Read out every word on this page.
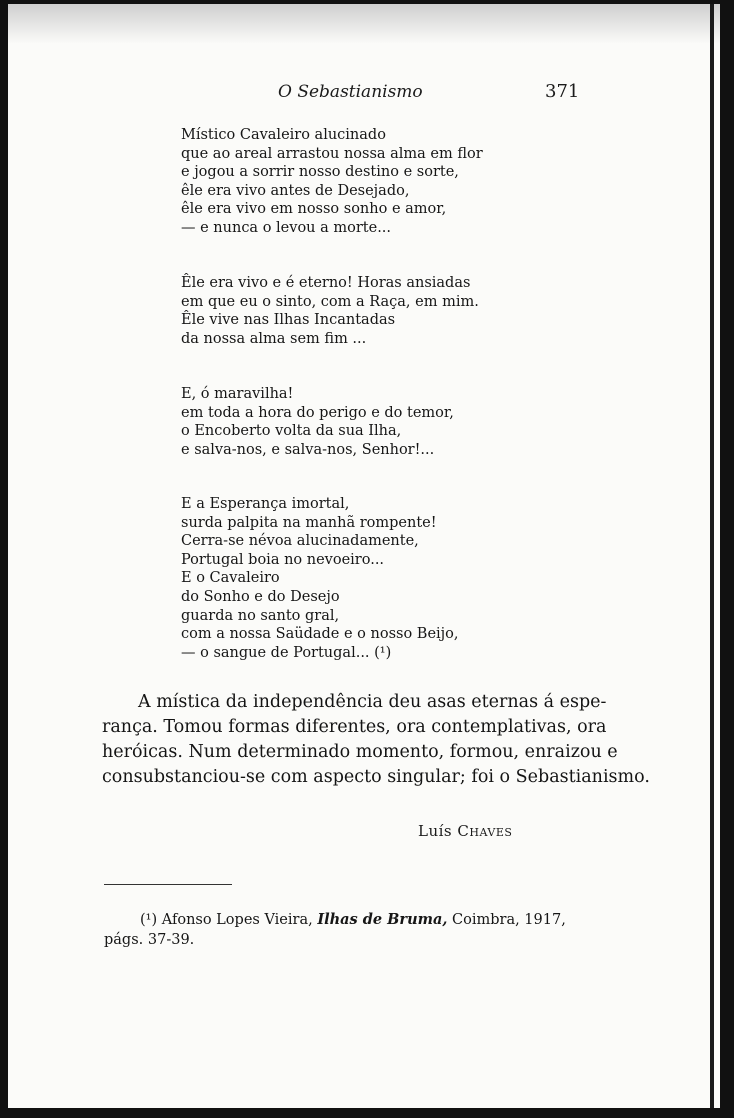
O Sebastianismo	371
Místico Cavaleiro alucinado
que ao areal arrastou nossa alma em flor
e jogou a sorrir nosso destino e sorte,
êle era vivo antes de Desejado,
êle era vivo em nosso sonho e amor,
— e nunca o levou a morte...
Êle era vivo e é eterno! Horas ansiadas
em que eu o sinto, com a Raça, em mim.
Êle vive nas Ilhas Incantadas
da nossa alma sem fim ...
E, ó maravilha!
em toda a hora do perigo e do temor,
o Encoberto volta da sua Ilha,
e salva-nos, e salva-nos, Senhor!...
E a Esperança imortal,
surda palpita na manhã rompente!
Cerra-se névoa alucinadamente,
Portugal boia no nevoeiro...
E o Cavaleiro
do Sonho e do Desejo
guarda no santo gral,
com a nossa Saüdade e o nosso Beijo,
— o sangue de Portugal... (¹)
A mística da independência deu asas eternas á espe-
rança. Tomou formas diferentes, ora contemplativas, ora
heróicas. Num determinado momento, formou, enraizou e
consubstanciou-se com aspecto singular; foi o Sebastianismo.
Luís Chaves
(¹) Afonso Lopes Vieira, Ilhas de Bruma, Coimbra, 1917,
págs. 37-39.
